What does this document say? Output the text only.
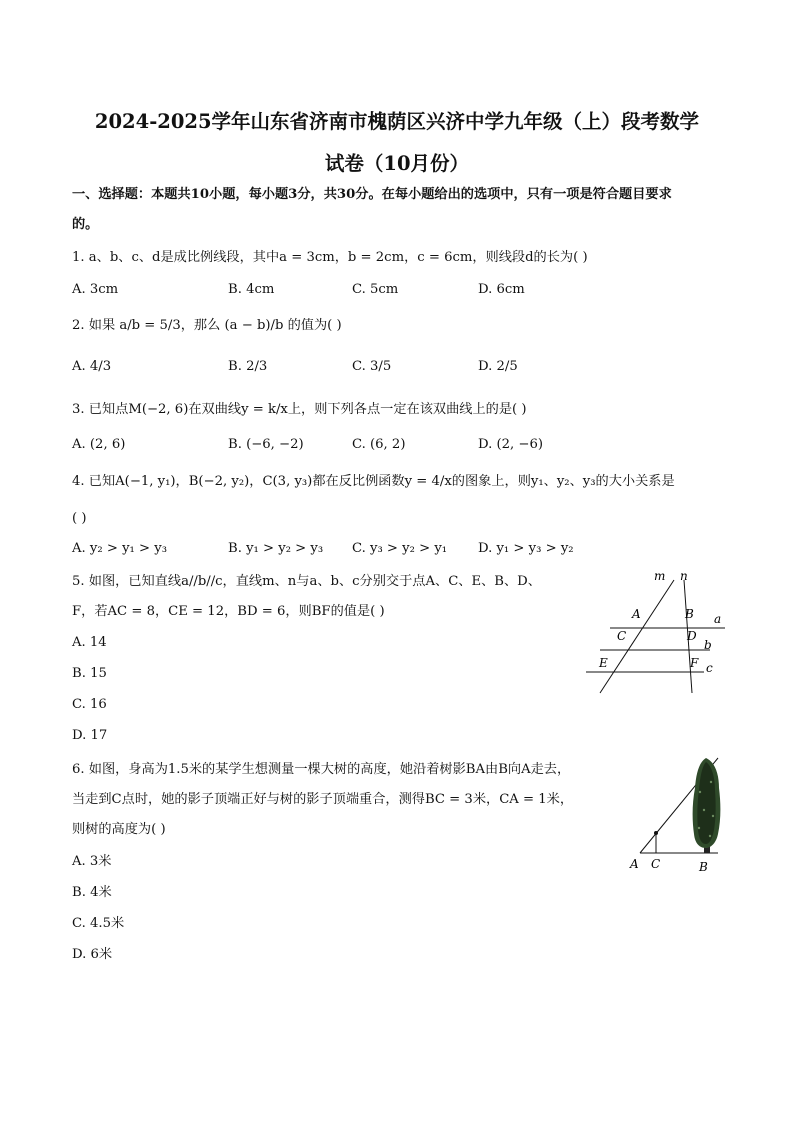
2024-2025学年山东省济南市槐荫区兴济中学九年级（上）段考数学
试卷（10月份）
一、选择题：本题共10小题，每小题3分，共30分。在每小题给出的选项中，只有一项是符合题目要求
的。
1. a、b、c、d是成比例线段，其中a = 3cm，b = 2cm，c = 6cm，则线段d的长为( )
A. 3cm	B. 4cm	C. 5cm	D. 6cm
2. 如果 a/b = 5/3，那么 (a − b)/b 的值为( )
A. 4/3	B. 2/3	C. 3/5	D. 2/5
3. 已知点M(−2, 6)在双曲线y = k/x上，则下列各点一定在该双曲线上的是( )
A. (2, 6)	B. (−6, −2)	C. (6, 2)	D. (2, −6)
4. 已知A(−1, y₁)，B(−2, y₂)，C(3, y₃)都在反比例函数y = 4/x的图象上，则y₁、y₂、y₃的大小关系是
( )
A. y₂ > y₁ > y₃	B. y₁ > y₂ > y₃ C. y₃ > y₂ > y₁ D. y₁ > y₃ > y₂
5. 如图，已知直线a//b//c，直线m、n与a、b、c分别交于点A、C、E、B、D、
F，若AC = 8，CE = 12，BD = 6，则BF的值是( )
A. 14
B. 15
C. 16
D. 17
m n
A	B a
C	D
b
E	F c
6. 如图，身高为1.5米的某学生想测量一棵大树的高度，她沿着树影BA由B向A走去，
当走到C点时，她的影子顶端正好与树的影子顶端重合，测得BC = 3米，CA = 1米，
则树的高度为( )
A. 3米
B. 4米
C. 4.5米
D. 6米
A C	B
